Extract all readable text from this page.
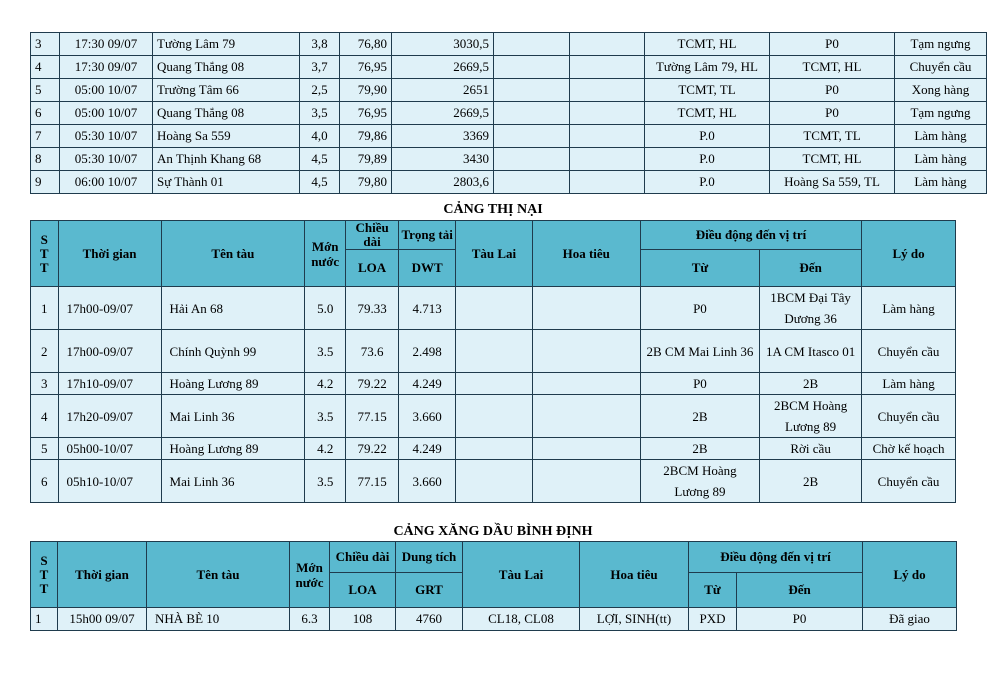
3	17:30 09/07	Tường Lâm 79	3,8	76,80	3030,5			TCMT, HL	P0	Tạm ngưng
4	17:30 09/07	Quang Thắng 08	3,7	76,95	2669,5			Tường Lâm 79, HL	TCMT, HL	Chuyển cầu
5	05:00 10/07	Trường Tâm 66	2,5	79,90	2651			TCMT, TL	P0	Xong hàng
6	05:00 10/07	Quang Thắng 08	3,5	76,95	2669,5			TCMT, HL	P0	Tạm ngưng
7	05:30 10/07	Hoàng Sa 559	4,0	79,86	3369			P.0	TCMT, TL	Làm hàng
8	05:30 10/07	An Thịnh Khang 68	4,5	79,89	3430			P.0	TCMT, HL	Làm hàng
9	06:00 10/07	Sự Thành 01	4,5	79,80	2803,6			P.0	Hoàng Sa 559, TL	Làm hàng
CẢNG THỊ NẠI
S
T
T	Thời gian	Tên tàu	Mớn nước	Chiều dài	Trọng tải	Tàu Lai	Hoa tiêu	Điều động đến vị trí		Lý do
				LOA	DWT			Từ	Đến	
1	17h00-09/07	Hải An 68	5.0	79.33	4.713			P0	1BCM Đại Tây Dương 36	Làm hàng
2	17h00-09/07	Chính Quỳnh 99	3.5	73.6	2.498			2B CM Mai Linh 36	1A CM Itasco 01	Chuyển cầu
3	17h10-09/07	Hoàng Lương 89	4.2	79.22	4.249			P0	2B	Làm hàng
4	17h20-09/07	Mai Linh 36	3.5	77.15	3.660			2B	2BCM Hoàng Lương 89	Chuyển cầu
5	05h00-10/07	Hoàng Lương 89	4.2	79.22	4.249			2B	Rời cầu	Chờ kế hoạch
6	05h10-10/07	Mai Linh 36	3.5	77.15	3.660			2BCM Hoàng Lương 89	2B	Chuyển cầu
CẢNG XĂNG DẦU BÌNH ĐỊNH
S
T
T	Thời gian	Tên tàu	Mớn nước	Chiều dài	Dung tích	Tàu Lai	Hoa tiêu	Điều động đến vị trí		Lý do
				LOA	GRT			Từ	Đến	
1	15h00 09/07	NHÀ BÈ 10	6.3	108	4760	CL18, CL08	LỢI, SINH(tt)	PXD	P0	Đã giao
